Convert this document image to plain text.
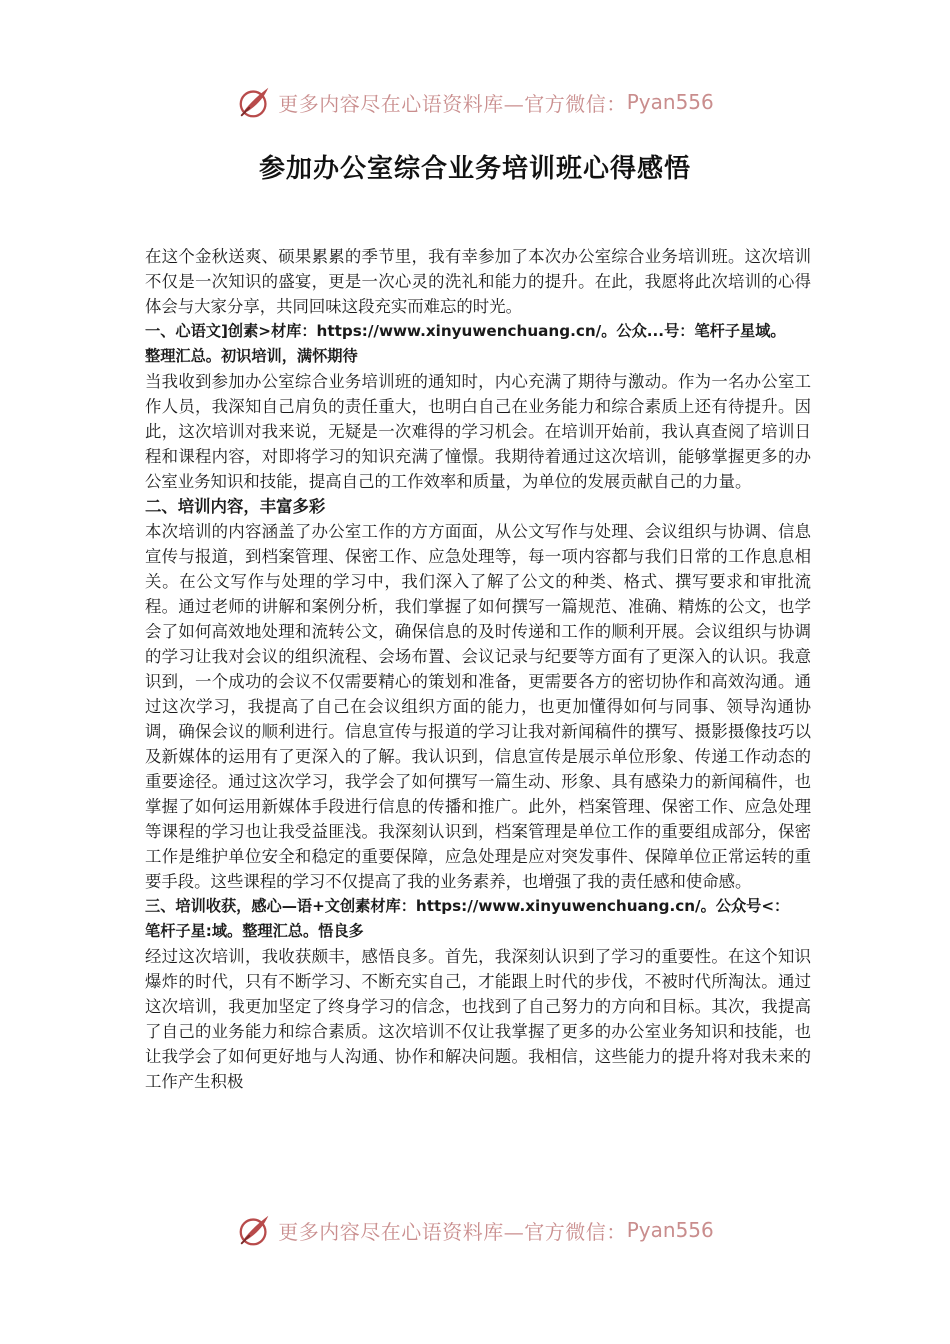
更多内容尽在心语资料库—官方微信： Pyan556
参加办公室综合业务培训班心得感悟

在这个金秋送爽、硕果累累的季节里，我有幸参加了本次办公室综合业务培训班。这次培训不仅是一次知识的盛宴，更是一次心灵的洗礼和能力的提升。在此，我愿将此次培训的心得体会与大家分享，共同回味这段充实而难忘的时光。

一、心语文]创素>材库：https://www.xinyuwenchuang.cn/。公众...号：笔杆子星域。
整理汇总。初识培训，满怀期待

当我收到参加办公室综合业务培训班的通知时，内心充满了期待与激动。作为一名办公室工作人员，我深知自己肩负的责任重大，也明白自己在业务能力和综合素质上还有待提升。因此，这次培训对我来说，无疑是一次难得的学习机会。在培训开始前，我认真查阅了培训日程和课程内容，对即将学习的知识充满了憧憬。我期待着通过这次培训，能够掌握更多的办公室业务知识和技能，提高自己的工作效率和质量，为单位的发展贡献自己的力量。

二、培训内容，丰富多彩

本次培训的内容涵盖了办公室工作的方方面面，从公文写作与处理、会议组织与协调、信息宣传与报道，到档案管理、保密工作、应急处理等，每一项内容都与我们日常的工作息息相关。在公文写作与处理的学习中，我们深入了解了公文的种类、格式、撰写要求和审批流程。通过老师的讲解和案例分析，我们掌握了如何撰写一篇规范、准确、精炼的公文，也学会了如何高效地处理和流转公文，确保信息的及时传递和工作的顺利开展。会议组织与协调的学习让我对会议的组织流程、会场布置、会议记录与纪要等方面有了更深入的认识。我意识到，一个成功的会议不仅需要精心的策划和准备，更需要各方的密切协作和高效沟通。通过这次学习，我提高了自己在会议组织方面的能力，也更加懂得如何与同事、领导沟通协调，确保会议的顺利进行。信息宣传与报道的学习让我对新闻稿件的撰写、摄影摄像技巧以及新媒体的运用有了更深入的了解。我认识到，信息宣传是展示单位形象、传递工作动态的重要途径。通过这次学习，我学会了如何撰写一篇生动、形象、具有感染力的新闻稿件，也掌握了如何运用新媒体手段进行信息的传播和推广。此外，档案管理、保密工作、应急处理等课程的学习也让我受益匪浅。我深刻认识到，档案管理是单位工作的重要组成部分，保密工作是维护单位安全和稳定的重要保障，应急处理是应对突发事件、保障单位正常运转的重要手段。这些课程的学习不仅提高了我的业务素养，也增强了我的责任感和使命感。

三、培训收获，感心—语+文创素材库：https://www.xinyuwenchuang.cn/。公众号<：
笔杆子星:域。整理汇总。悟良多

经过这次培训，我收获颇丰，感悟良多。首先，我深刻认识到了学习的重要性。在这个知识爆炸的时代，只有不断学习、不断充实自己，才能跟上时代的步伐，不被时代所淘汰。通过这次培训，我更加坚定了终身学习的信念，也找到了自己努力的方向和目标。其次，我提高了自己的业务能力和综合素质。这次培训不仅让我掌握了更多的办公室业务知识和技能，也让我学会了如何更好地与人沟通、协作和解决问题。我相信，这些能力的提升将对我未来的工作产生积极

更多内容尽在心语资料库—官方微信： Pyan556
